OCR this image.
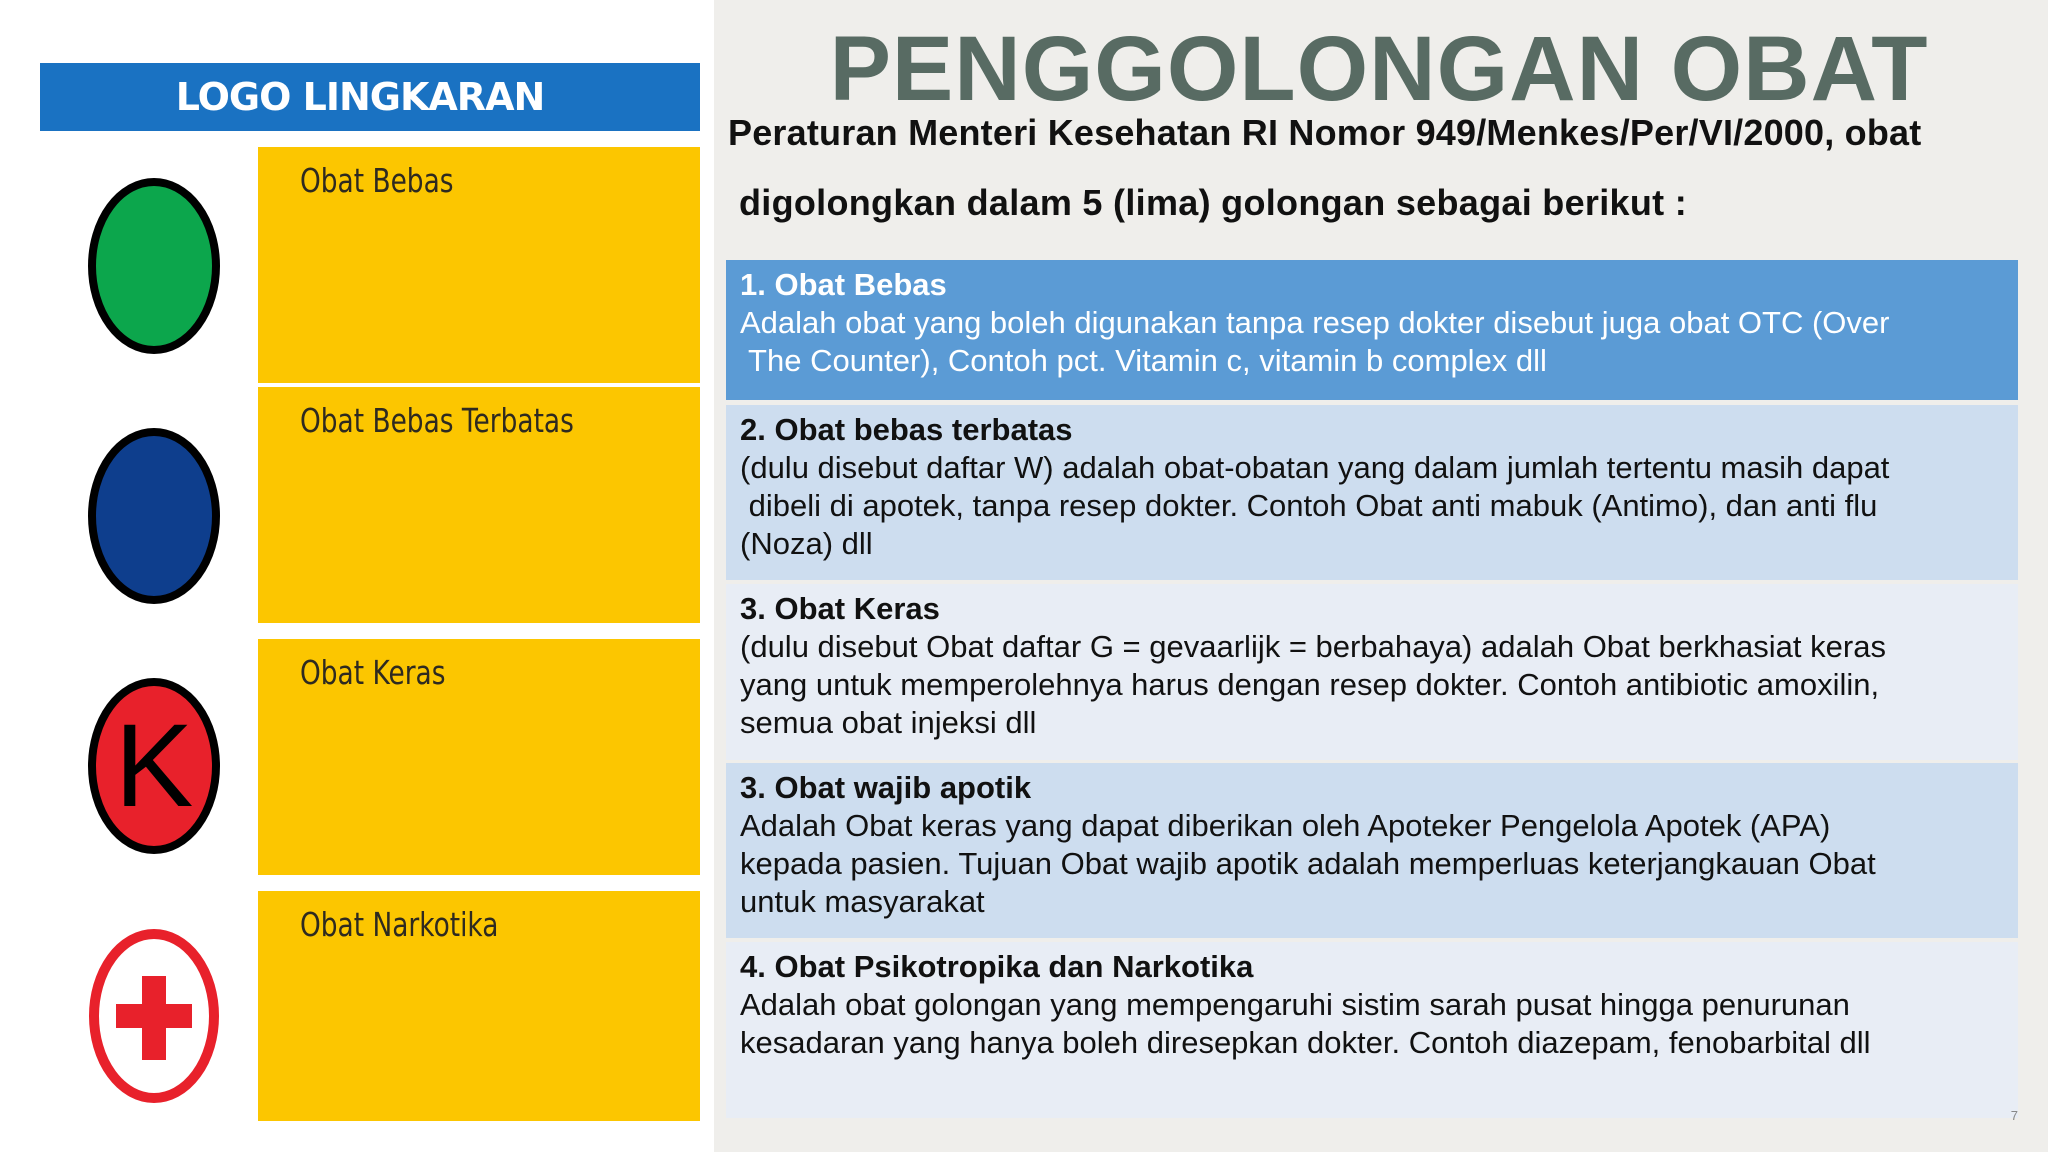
LOGO LINGKARAN
Obat Bebas
Obat Bebas Terbatas
Obat Keras
Obat Narkotika
K
PENGGOLONGAN OBAT
Peraturan Menteri Kesehatan RI Nomor 949/Menkes/Per/VI/2000, obat
digolongkan dalam 5 (lima) golongan sebagai berikut :
1. Obat Bebas
Adalah obat yang boleh digunakan tanpa resep dokter disebut juga obat OTC (Over
The Counter), Contoh pct. Vitamin c, vitamin b complex dll
2. Obat bebas terbatas
(dulu disebut daftar W) adalah obat-obatan yang dalam jumlah tertentu masih dapat
dibeli di apotek, tanpa resep dokter. Contoh Obat anti mabuk (Antimo), dan anti flu
(Noza) dll
3. Obat Keras
(dulu disebut Obat daftar G = gevaarlijk = berbahaya) adalah Obat berkhasiat keras
yang untuk memperolehnya harus dengan resep dokter. Contoh antibiotic amoxilin,
semua obat injeksi dll
3. Obat wajib apotik
Adalah Obat keras yang dapat diberikan oleh Apoteker Pengelola Apotek (APA)
kepada pasien. Tujuan Obat wajib apotik adalah memperluas keterjangkauan Obat
untuk masyarakat
4. Obat Psikotropika dan Narkotika
Adalah obat golongan yang mempengaruhi sistim sarah pusat hingga penurunan
kesadaran yang hanya boleh diresepkan dokter. Contoh diazepam, fenobarbital dll
7
